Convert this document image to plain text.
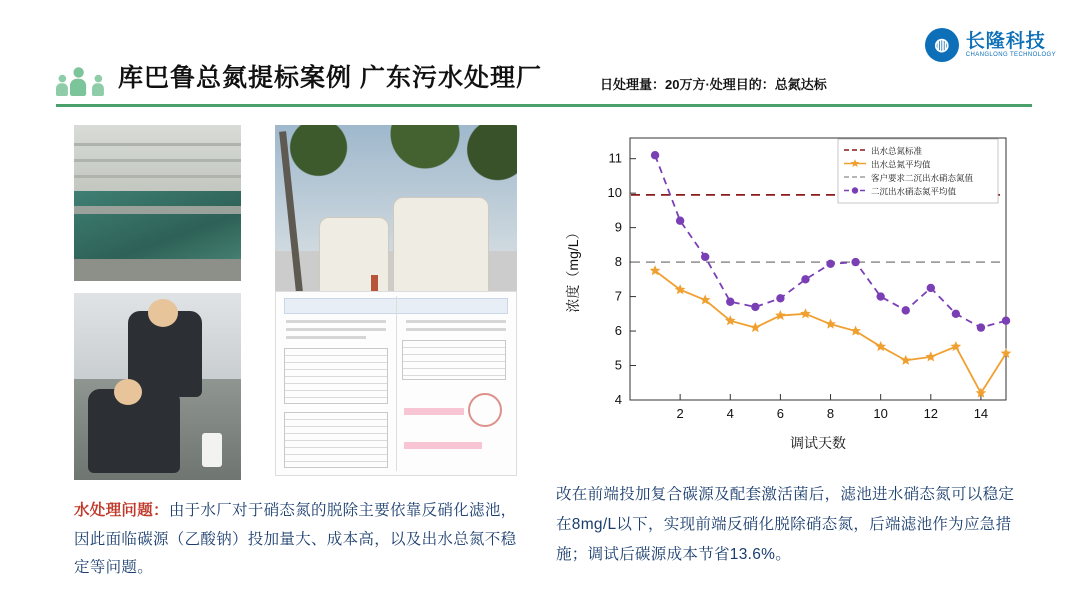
◍ 长隆科技
CHANGLONG TECHNOLOGY
库巴鲁总氮提标案例 广东污水处理厂	日处理量：20万方·处理目的：总氮达标
水处理问题：由于水厂对于硝态氮的脱除主要依靠反硝化滤池，因此面临碳源（乙酸钠）投加量大、成本高，以及出水总氮不稳定等问题。
4
5
6
7
8
9
10
11
2	4	6	8	10	12	14
出水总氮标准
出水总氮平均值
客户要求二沉出水硝态氮值
二沉出水硝态氮平均值
调试天数
浓度（mg/L）
改在前端投加复合碳源及配套激活菌后，滤池进水硝态氮可以稳定在8mg/L以下，实现前端反硝化脱除硝态氮，后端滤池作为应急措施；调试后碳源成本节省13.6%。
